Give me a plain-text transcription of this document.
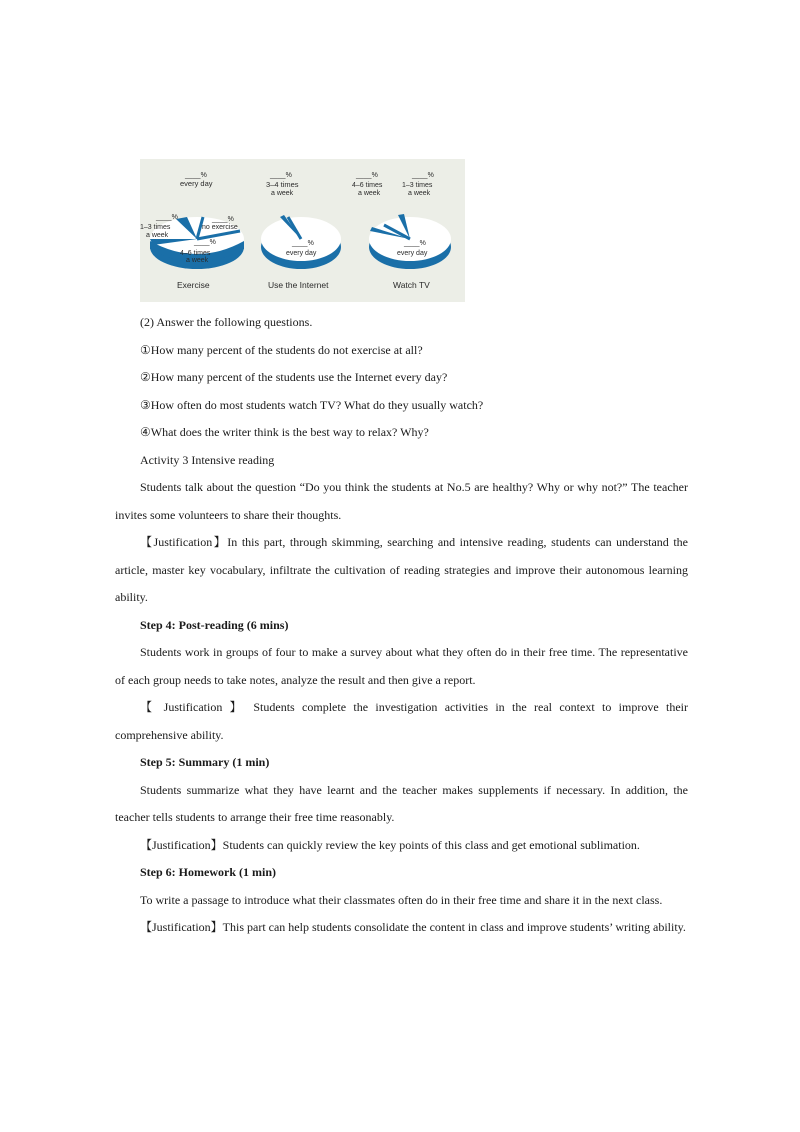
____%
every day
____%
1–3 times
a week
____%
no exercise
____%
4–6 times
a week
____%
3–4 times
a week
____%
every day
____%
4–6 times
a week
____%
1–3 times
a week
____%
every day
Exercise	Use the Internet	Watch TV

(2) Answer the following questions.

①How many percent of the students do not exercise at all?

②How many percent of the students use the Internet every day?

③How often do most students watch TV? What do they usually watch?

④What does the writer think is the best way to relax? Why?

Activity 3 Intensive reading

Students talk about the question “Do you think the students at No.5 are healthy? Why or why not?” The teacher invites some volunteers to share their thoughts.

【Justification】In this part, through skimming, searching and intensive reading, students can understand the article, master key vocabulary, infiltrate the cultivation of reading strategies and improve their autonomous learning ability.

Step 4: Post-reading (6 mins)

Students work in groups of four to make a survey about what they often do in their free time. The representative of each group needs to take notes, analyze the result and then give a report.

【 Justification 】 Students complete the investigation activities in the real context to improve their comprehensive ability.

Step 5: Summary (1 min)

Students summarize what they have learnt and the teacher makes supplements if necessary. In addition, the teacher tells students to arrange their free time reasonably.

【Justification】Students can quickly review the key points of this class and get emotional sublimation.

Step 6: Homework (1 min)

To write a passage to introduce what their classmates often do in their free time and share it in the next class.

【Justification】This part can help students consolidate the content in class and improve students’ writing ability.
